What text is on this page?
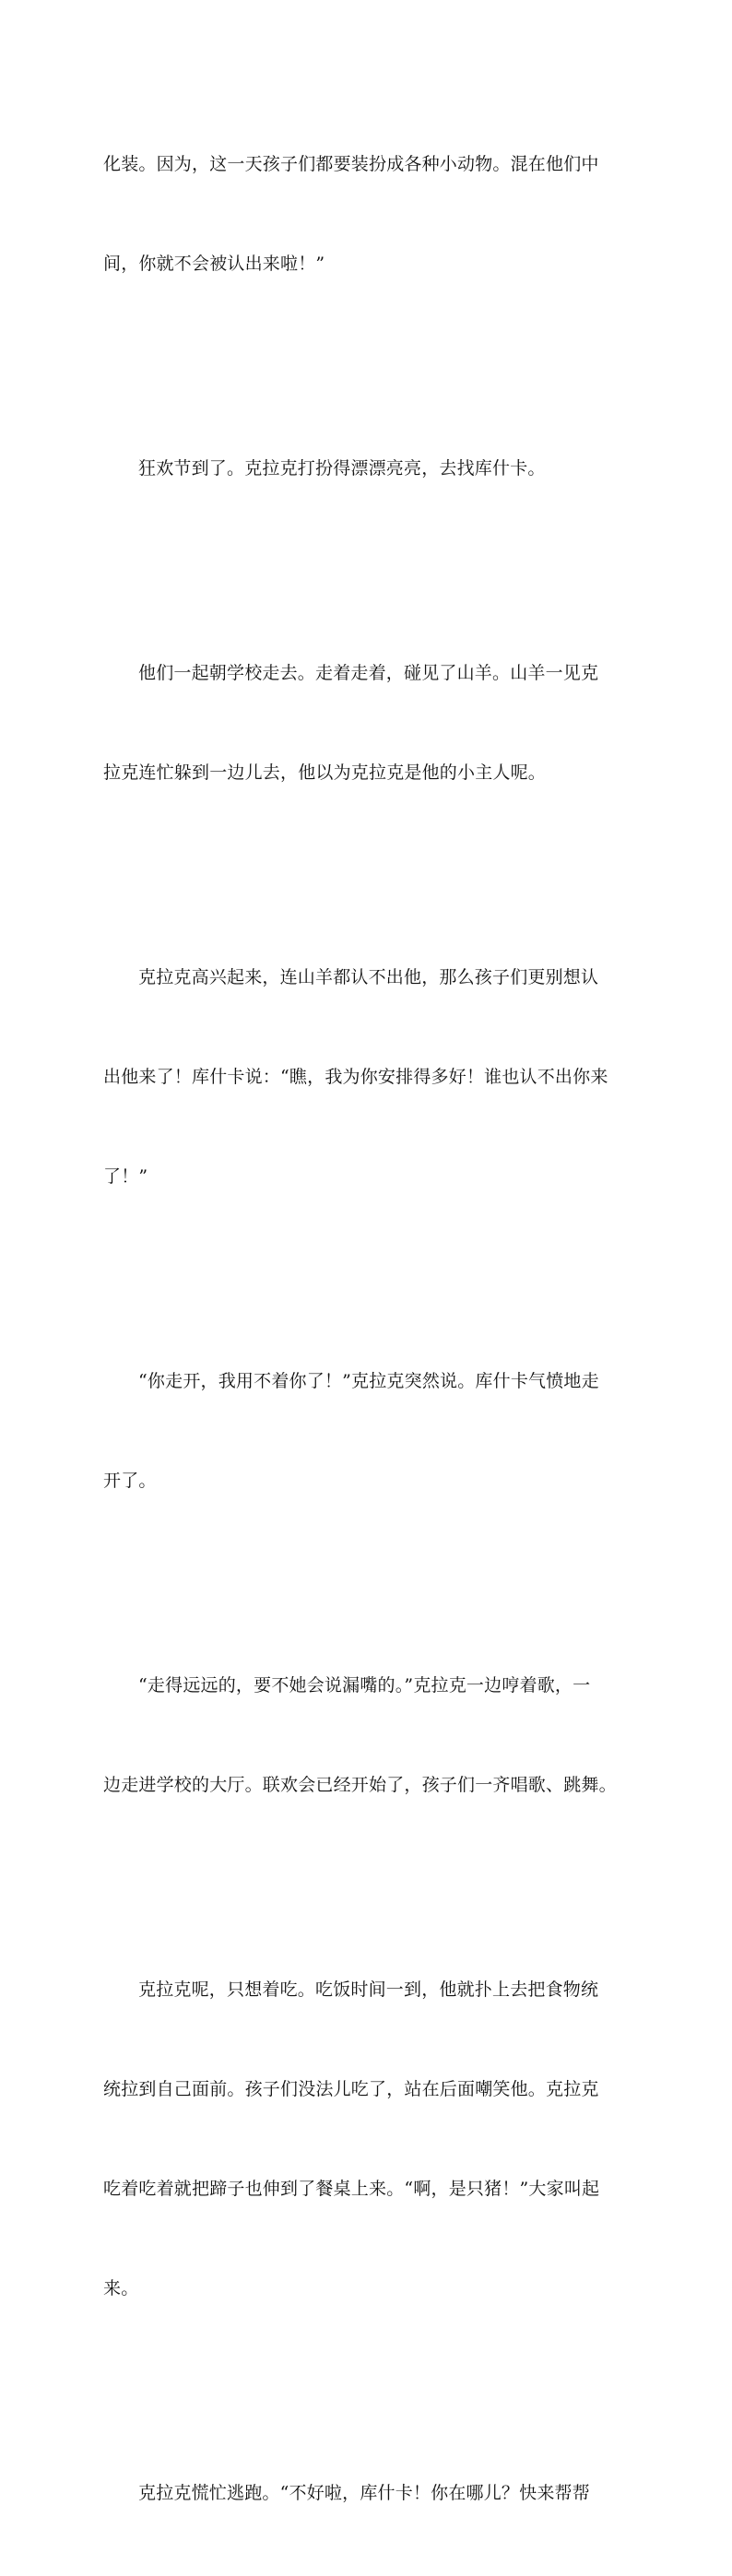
化装。因为，这一天孩子们都要装扮成各种小动物。混在他们中

间，你就不会被认出来啦！”

狂欢节到了。克拉克打扮得漂漂亮亮，去找库什卡。

他们一起朝学校走去。走着走着，碰见了山羊。山羊一见克

拉克连忙躲到一边儿去，他以为克拉克是他的小主人呢。

克拉克高兴起来，连山羊都认不出他，那么孩子们更别想认

出他来了！库什卡说：“瞧，我为你安排得多好！谁也认不出你来

了！”

“你走开，我用不着你了！”克拉克突然说。库什卡气愤地走

开了。

“走得远远的，要不她会说漏嘴的。”克拉克一边哼着歌，一

边走进学校的大厅。联欢会已经开始了，孩子们一齐唱歌、跳舞。

克拉克呢，只想着吃。吃饭时间一到，他就扑上去把食物统

统拉到自己面前。孩子们没法儿吃了，站在后面嘲笑他。克拉克

吃着吃着就把蹄子也伸到了餐桌上来。“啊，是只猪！”大家叫起

来。

克拉克慌忙逃跑。“不好啦，库什卡！你在哪儿？快来帮帮
